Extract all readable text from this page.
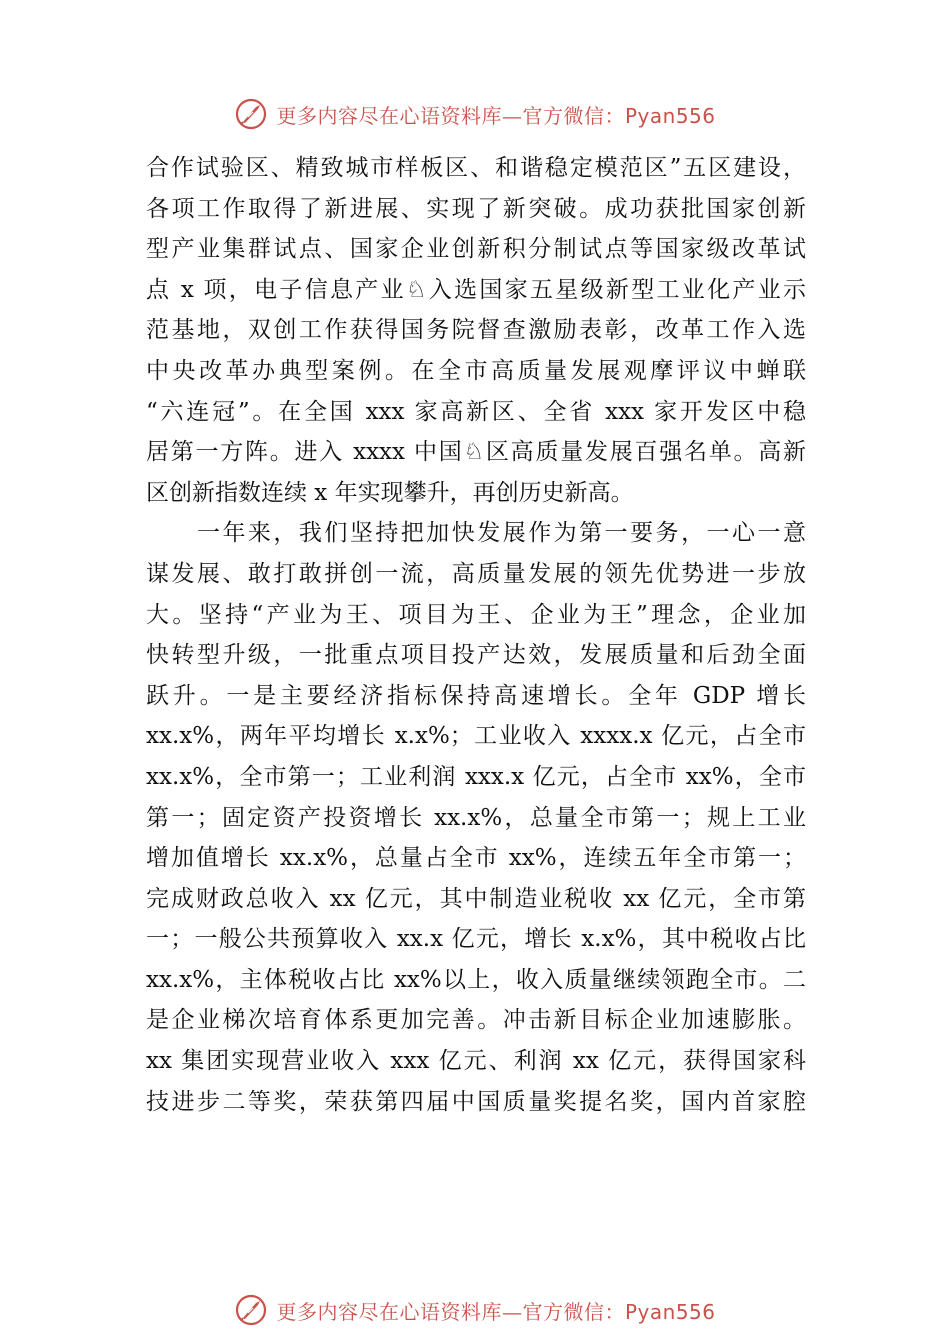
更多内容尽在心语资料库—官方微信：Pyan556
合作试验区、精致城市样板区、和谐稳定模范区”五区建设，
各项工作取得了新进展、实现了新突破。成功获批国家创新
型产业集群试点、国家企业创新积分制试点等国家级改革试
点 x 项，电子信息产业♘入选国家五星级新型工业化产业示
范基地，双创工作获得国务院督查激励表彰，改革工作入选
中央改革办典型案例。在全市高质量发展观摩评议中蝉联
“六连冠”。在全国 xxx 家高新区、全省 xxx 家开发区中稳
居第一方阵。进入 xxxx 中国♘区高质量发展百强名单。高新
区创新指数连续 x 年实现攀升，再创历史新高。
　　一年来，我们坚持把加快发展作为第一要务，一心一意
谋发展、敢打敢拼创一流，高质量发展的领先优势进一步放
大。坚持“产业为王、项目为王、企业为王”理念，企业加
快转型升级，一批重点项目投产达效，发展质量和后劲全面
跃升。一是主要经济指标保持高速增长。全年 GDP 增长
xx.x%，两年平均增长 x.x%；工业收入 xxxx.x 亿元，占全市
xx.x%，全市第一；工业利润 xxx.x 亿元，占全市 xx%，全市
第一；固定资产投资增长 xx.x%，总量全市第一；规上工业
增加值增长 xx.x%，总量占全市 xx%，连续五年全市第一；
完成财政总收入 xx 亿元，其中制造业税收 xx 亿元，全市第
一；一般公共预算收入 xx.x 亿元，增长 x.x%，其中税收占比
xx.x%，主体税收占比 xx%以上，收入质量继续领跑全市。二
是企业梯次培育体系更加完善。冲击新目标企业加速膨胀。
xx 集团实现营业收入 xxx 亿元、利润 xx 亿元，获得国家科
技进步二等奖，荣获第四届中国质量奖提名奖，国内首家腔
更多内容尽在心语资料库—官方微信：Pyan556
